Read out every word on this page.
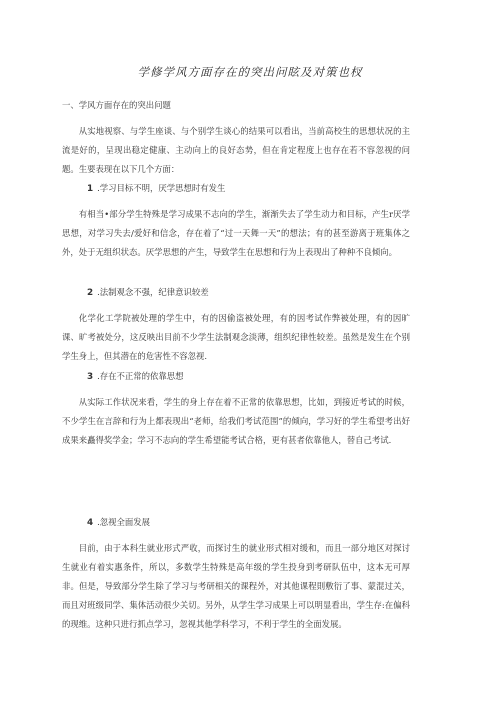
学修学风方面存在的突出问眩及对策也杈
一、学风方面存在的突出问题

从实地视察、与学生座谈、与个别学生谈心的结果可以看出，当前高校生的思想状况的主流是好的，呈现出稳定健康、主动向上的良好态势，但在肯定程度上也存在若不容忽视的问题。生要表现在以下几个方面：

1 .学习目标不明，厌学思想时有发生

有相当•部分学生特殊是学习成果不志向的学生，渐渐失去了学生动力和目标，产生r厌学思想，对学习失去/爱好和信念，存在着了“过一天舞一天”的想法；有的甚至游离于班集体之外，处于无组织状态。厌学思想的产生，导致学生在思想和行为上表现出了种种不良倾向。

2 .法制观念不强，纪律意识较差

化学化工学院被处理的学生中，有的因偷盗被处理，有的因考试作弊被处理，有的因旷课、旷考被处分，这反映出目前不少学生法制观念淡薄，组织纪律性较差。虽然是发生在个别学生身上，但其潜在的危害性不容忽视.

3 .存在不正常的依靠思想

从实际工作状况来看，学生的身上存在着不正常的依靠思想，比如，到接近考试的时候，不少学生在言辞和行为上都表现出“老师，给我们考试范围”的倾向，学习好的学生希望考出好成果来矗得奖学金；学习不志向的学生希望能考试合格，更有甚者依靠他人，替自己考试.

4 .忽视全面发展

目前，由于本科生就业形式严收，而探讨生的就业形式相对缓和，而且一部分地区对探讨生就业有着实惠条件，所以，多数学生特殊是高年级的学生投身到考研队伍中，这本无可厚非。但是，导致部分学生除了学习与考研相关的课程外，对其他课程則敷衍了事、蒙混过关，而且对班级同学、集体活动很少关切。另外，从学生学习成果上可以明显看出，学生存:在偏科的现维。这种只进行抓点学习，忽视其他学科学习，不利于学生的全面发展。
